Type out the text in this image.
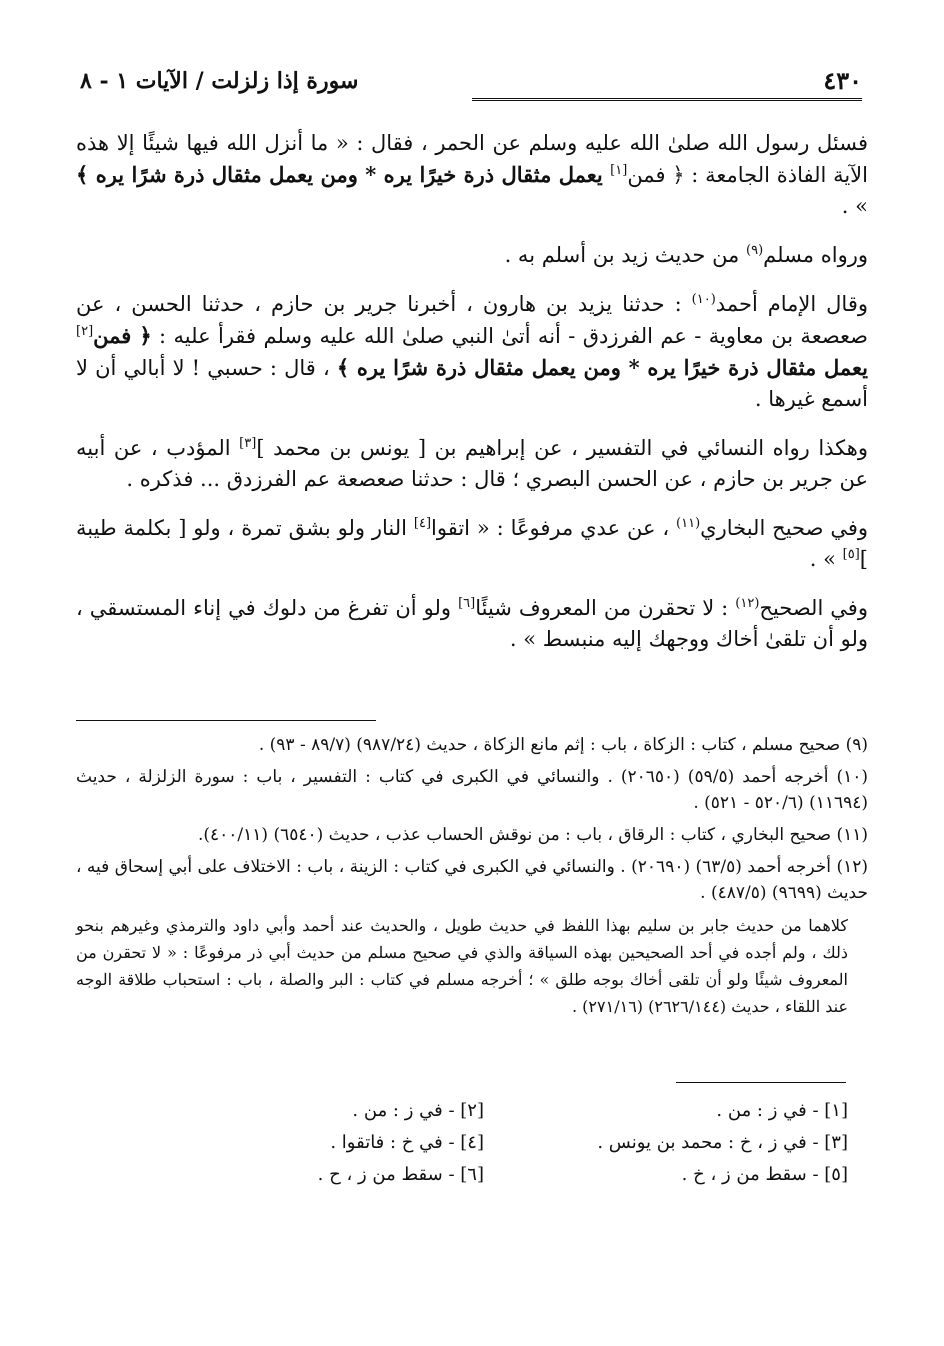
٤٣٠
سورة إذا زلزلت / الآيات ١ - ٨

فسئل رسول الله صلىٰ الله عليه وسلم عن الحمر ، فقال : « ما أنزل الله فيها شيئًا إلا هذه الآية الفاذة الجامعة : ﴿ فمن[١] يعمل مثقال ذرة خيرًا يره * ومن يعمل مثقال ذرة شرًا يره ﴾ » .

ورواه مسلم$^{(٩)}$ من حديث زيد بن أسلم به .

وقال الإمام أحمد$^{(١٠)}$ : حدثنا يزيد بن هارون ، أخبرنا جرير بن حازم ، حدثنا الحسن ، عن صعصعة بن معاوية - عم الفرزدق - أنه أتىٰ النبي صلىٰ الله عليه وسلم فقرأ عليه : ﴿ فمن[٢] يعمل مثقال ذرة خيرًا يره * ومن يعمل مثقال ذرة شرًا يره ﴾ ، قال : حسبي ! لا أبالي أن لا أسمع غيرها .

وهكذا رواه النسائي في التفسير ، عن إبراهيم بن [ يونس بن محمد ][٣] المؤدب ، عن أبيه عن جرير بن حازم ، عن الحسن البصري ؛ قال : حدثنا صعصعة عم الفرزدق ... فذكره .

وفي صحيح البخاري$^{(١١)}$ ، عن عدي مرفوعًا : « اتقوا[٤] النار ولو بشق تمرة ، ولو [ بكلمة طيبة ][٥] » .

وفي الصحيح$^{(١٢)}$ : لا تحقرن من المعروف شيئًا[٦] ولو أن تفرغ من دلوك في إناء المستسقي ، ولو أن تلقىٰ أخاك ووجهك إليه منبسط » .

(٩) صحيح مسلم ، كتاب : الزكاة ، باب : إثم مانع الزكاة ، حديث (٩٨٧/٢٤) (٨٩/٧ - ٩٣) .

(١٠) أخرجه أحمد (٥٩/٥) (٢٠٦٥٠) . والنسائي في الكبرى في كتاب : التفسير ، باب : سورة الزلزلة ، حديث (١١٦٩٤) (٥٢٠/٦ - ٥٢١) .

(١١) صحيح البخاري ، كتاب : الرقاق ، باب : من نوقش الحساب عذب ، حديث (٦٥٤٠) (٤٠٠/١١).

(١٢) أخرجه أحمد (٦٣/٥) (٢٠٦٩٠) . والنسائي في الكبرى في كتاب : الزينة ، باب : الاختلاف على أبي إسحاق فيه ، حديث (٩٦٩٩) (٤٨٧/٥) .

كلاهما من حديث جابر بن سليم بهذا اللفظ في حديث طويل ، والحديث عند أحمد وأبي داود والترمذي وغيرهم بنحو ذلك ، ولم أجده في أحد الصحيحين بهذه السياقة والذي في صحيح مسلم من حديث أبي ذر مرفوعًا : « لا تحقرن من المعروف شيئًا ولو أن تلقى أخاك بوجه طلق » ؛ أخرجه مسلم في كتاب : البر والصلة ، باب : استحباب طلاقة الوجه عند اللقاء ، حديث (٢٦٢٦/١٤٤) (٢٧١/١٦) .

[١] - في ز : من .
[٢] - في ز : من .
[٣] - في ز ، خ : محمد بن يونس .
[٤] - في خ : فاتقوا .
[٥] - سقط من ز ، خ .
[٦] - سقط من ز ، ح .
